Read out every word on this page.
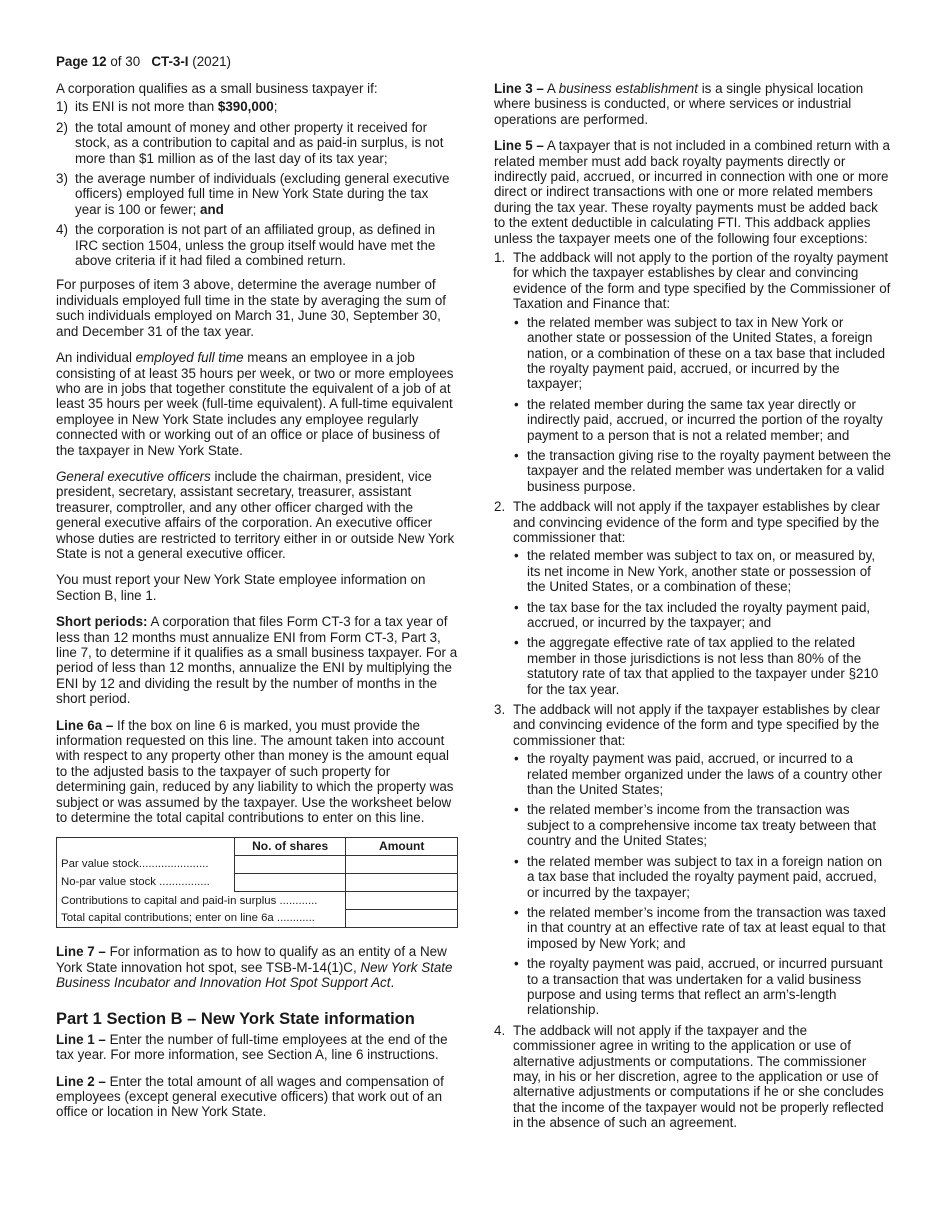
Page 12 of 30 CT-3-I (2021)
A corporation qualifies as a small business taxpayer if:
1) its ENI is not more than $390,000;
2) the total amount of money and other property it received for stock, as a contribution to capital and as paid-in surplus, is not more than $1 million as of the last day of its tax year;
3) the average number of individuals (excluding general executive officers) employed full time in New York State during the tax year is 100 or fewer; and
4) the corporation is not part of an affiliated group, as defined in IRC section 1504, unless the group itself would have met the above criteria if it had filed a combined return.

For purposes of item 3 above, determine the average number of individuals employed full time in the state by averaging the sum of such individuals employed on March 31, June 30, September 30, and December 31 of the tax year.

An individual employed full time means an employee in a job consisting of at least 35 hours per week, or two or more employees who are in jobs that together constitute the equivalent of a job of at least 35 hours per week (full-time equivalent). A full-time equivalent employee in New York State includes any employee regularly connected with or working out of an office or place of business of the taxpayer in New York State.

General executive officers include the chairman, president, vice president, secretary, assistant secretary, treasurer, assistant treasurer, comptroller, and any other officer charged with the general executive affairs of the corporation. An executive officer whose duties are restricted to territory either in or outside New York State is not a general executive officer.

You must report your New York State employee information on Section B, line 1.

Short periods: A corporation that files Form CT-3 for a tax year of less than 12 months must annualize ENI from Form CT-3, Part 3, line 7, to determine if it qualifies as a small business taxpayer. For a period of less than 12 months, annualize the ENI by multiplying the ENI by 12 and dividing the result by the number of months in the short period.

Line 6a – If the box on line 6 is marked, you must provide the information requested on this line. The amount taken into account with respect to any property other than money is the amount equal to the adjusted basis to the taxpayer of such property for determining gain, reduced by any liability to which the property was subject or was assumed by the taxpayer. Use the worksheet below to determine the total capital contributions to enter on this line.

	No. of shares	Amount
Par value stock......................		
No-par value stock ................		
Contributions to capital and paid-in surplus ............		
Total capital contributions; enter on line 6a ............		

Line 7 – For information as to how to qualify as an entity of a New York State innovation hot spot, see TSB-M-14(1)C, New York State Business Incubator and Innovation Hot Spot Support Act.

Part 1 Section B – New York State information

Line 1 – Enter the number of full-time employees at the end of the tax year. For more information, see Section A, line 6 instructions.

Line 2 – Enter the total amount of all wages and compensation of employees (except general executive officers) that work out of an office or location in New York State.

Line 3 – A business establishment is a single physical location where business is conducted, or where services or industrial operations are performed.

Line 5 – A taxpayer that is not included in a combined return with a related member must add back royalty payments directly or indirectly paid, accrued, or incurred in connection with one or more direct or indirect transactions with one or more related members during the tax year. These royalty payments must be added back to the extent deductible in calculating FTI. This addback applies unless the taxpayer meets one of the following four exceptions:

1. The addback will not apply to the portion of the royalty payment for which the taxpayer establishes by clear and convincing evidence of the form and type specified by the Commissioner of Taxation and Finance that:
• the related member was subject to tax in New York or another state or possession of the United States, a foreign nation, or a combination of these on a tax base that included the royalty payment paid, accrued, or incurred by the taxpayer;
• the related member during the same tax year directly or indirectly paid, accrued, or incurred the portion of the royalty payment to a person that is not a related member; and
• the transaction giving rise to the royalty payment between the taxpayer and the related member was undertaken for a valid business purpose.
2. The addback will not apply if the taxpayer establishes by clear and convincing evidence of the form and type specified by the commissioner that:
• the related member was subject to tax on, or measured by, its net income in New York, another state or possession of the United States, or a combination of these;
• the tax base for the tax included the royalty payment paid, accrued, or incurred by the taxpayer; and
• the aggregate effective rate of tax applied to the related member in those jurisdictions is not less than 80% of the statutory rate of tax that applied to the taxpayer under §210 for the tax year.
3. The addback will not apply if the taxpayer establishes by clear and convincing evidence of the form and type specified by the commissioner that:
• the royalty payment was paid, accrued, or incurred to a related member organized under the laws of a country other than the United States;
• the related member’s income from the transaction was subject to a comprehensive income tax treaty between that country and the United States;
• the related member was subject to tax in a foreign nation on a tax base that included the royalty payment paid, accrued, or incurred by the taxpayer;
• the related member’s income from the transaction was taxed in that country at an effective rate of tax at least equal to that imposed by New York; and
• the royalty payment was paid, accrued, or incurred pursuant to a transaction that was undertaken for a valid business purpose and using terms that reflect an arm’s-length relationship.
4. The addback will not apply if the taxpayer and the commissioner agree in writing to the application or use of alternative adjustments or computations. The commissioner may, in his or her discretion, agree to the application or use of alternative adjustments or computations if he or she concludes that the income of the taxpayer would not be properly reflected in the absence of such an agreement.
